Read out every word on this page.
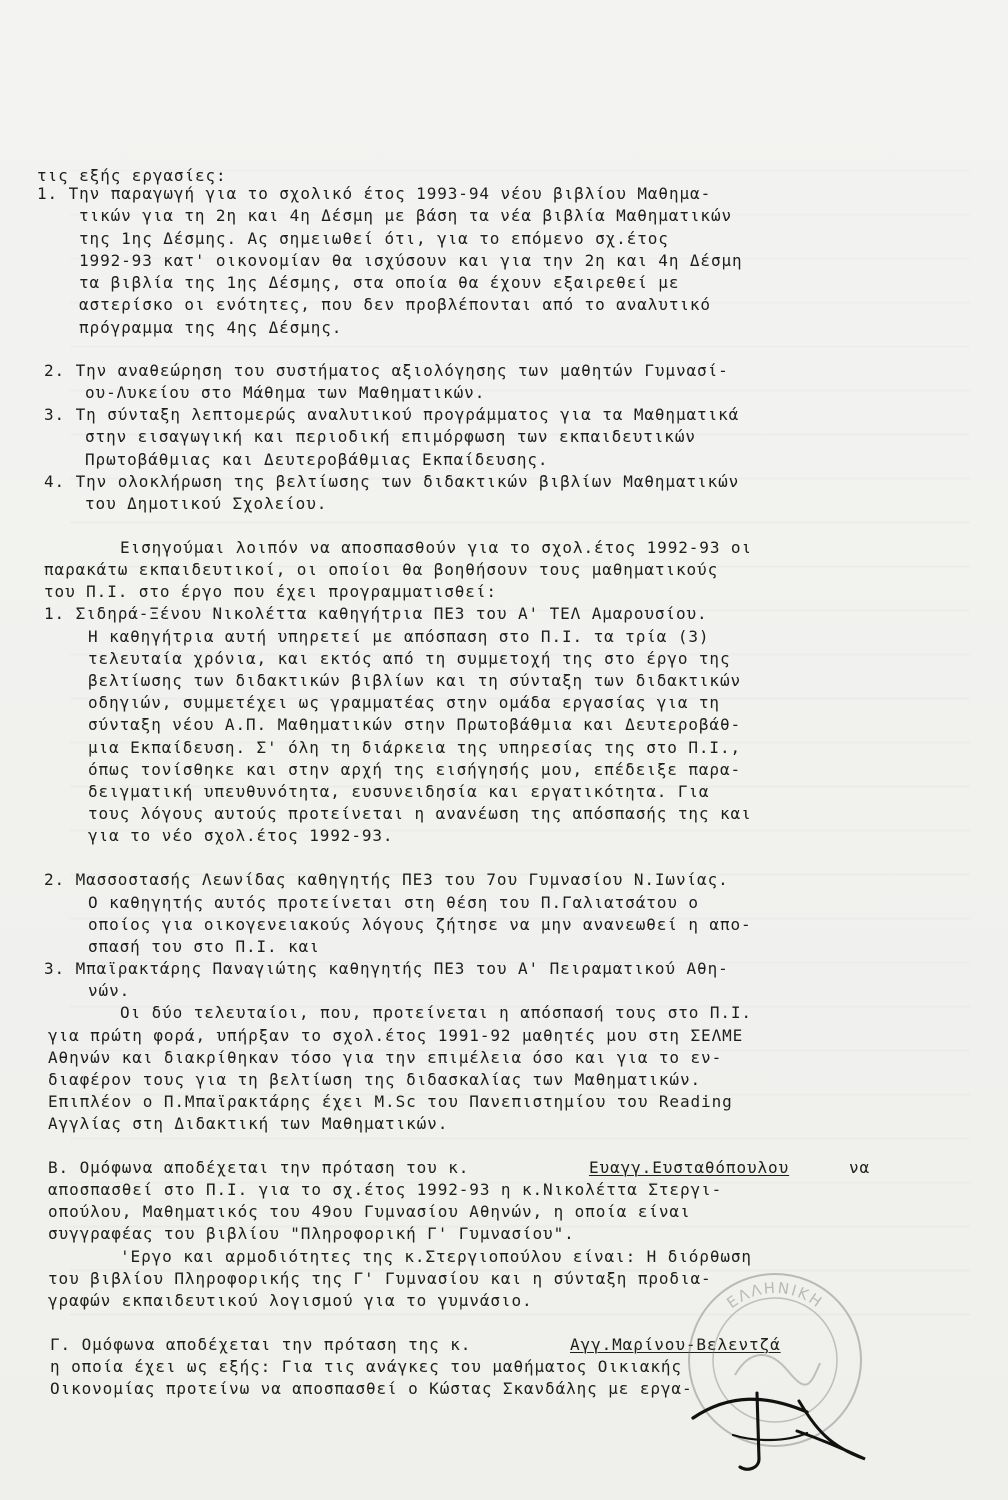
τις εξής εργασίες:
1. Την παραγωγή για το σχολικό έτος 1993-94 νέου βιβλίου Μαθημα-
τικών για τη 2η και 4η Δέσμη με βάση τα νέα βιβλία Μαθηματικών
της 1ης Δέσμης. Ας σημειωθεί ότι, για το επόμενο σχ.έτος
1992-93 κατ' οικονομίαν θα ισχύσουν και για την 2η και 4η Δέσμη
τα βιβλία της 1ης Δέσμης, στα οποία θα έχουν εξαιρεθεί με
αστερίσκο οι ενότητες, που δεν προβλέπονται από το αναλυτικό
πρόγραμμα της 4ης Δέσμης.
2. Την αναθεώρηση του συστήματος αξιολόγησης των μαθητών Γυμνασί-
ου-Λυκείου στο Μάθημα των Μαθηματικών.
3. Τη σύνταξη λεπτομερώς αναλυτικού προγράμματος για τα Μαθηματικά
στην εισαγωγική και περιοδική επιμόρφωση των εκπαιδευτικών
Πρωτοβάθμιας και Δευτεροβάθμιας Εκπαίδευσης.
4. Την ολοκλήρωση της βελτίωσης των διδακτικών βιβλίων Μαθηματικών
του Δημοτικού Σχολείου.
Εισηγούμαι λοιπόν να αποσπασθούν για το σχολ.έτος 1992-93 οι
παρακάτω εκπαιδευτικοί, οι οποίοι θα βοηθήσουν τους μαθηματικούς
του Π.Ι. στο έργο που έχει προγραμματισθεί:
1. Σιδηρά-Ξένου Νικολέττα καθηγήτρια ΠΕ3 του Α' ΤΕΛ Αμαρουσίου.
Η καθηγήτρια αυτή υπηρετεί με απόσπαση στο Π.Ι. τα τρία (3)
τελευταία χρόνια, και εκτός από τη συμμετοχή της στο έργο της
βελτίωσης των διδακτικών βιβλίων και τη σύνταξη των διδακτικών
οδηγιών, συμμετέχει ως γραμματέας στην ομάδα εργασίας για τη
σύνταξη νέου Α.Π. Μαθηματικών στην Πρωτοβάθμια και Δευτεροβάθ-
μια Εκπαίδευση. Σ' όλη τη διάρκεια της υπηρεσίας της στο Π.Ι.,
όπως τονίσθηκε και στην αρχή της εισήγησής μου, επέδειξε παρα-
δειγματική υπευθυνότητα, ευσυνειδησία και εργατικότητα. Για
τους λόγους αυτούς προτείνεται η ανανέωση της απόσπασής της και
για το νέο σχολ.έτος 1992-93.
2. Μασσοστασής Λεωνίδας καθηγητής ΠΕ3 του 7ου Γυμνασίου Ν.Ιωνίας.
Ο καθηγητής αυτός προτείνεται στη θέση του Π.Γαλιατσάτου ο
οποίος για οικογενειακούς λόγους ζήτησε να μην ανανεωθεί η απο-
σπασή του στο Π.Ι. και
3. Μπαϊρακτάρης Παναγιώτης καθηγητής ΠΕ3 του Α' Πειραματικού Αθη-
νών.
Οι δύο τελευταίοι, που, προτείνεται η απόσπασή τους στο Π.Ι.
για πρώτη φορά, υπήρξαν το σχολ.έτος 1991-92 μαθητές μου στη ΣΕΛΜΕ
Αθηνών και διακρίθηκαν τόσο για την επιμέλεια όσο και για το εν-
διαφέρον τους για τη βελτίωση της διδασκαλίας των Μαθηματικών.
Επιπλέον ο Π.Μπαϊρακτάρης έχει M.Sc του Πανεπιστημίου του Reading
Αγγλίας στη Διδακτική των Μαθηματικών.
Β. Ομόφωνα αποδέχεται την πρόταση του κ.	Ευαγγ.Ευσταθόπουλου	να
αποσπασθεί στο Π.Ι. για το σχ.έτος 1992-93 η κ.Νικολέττα Στεργι-
οπούλου, Μαθηματικός του 49ου Γυμνασίου Αθηνών, η οποία είναι
συγγραφέας του βιβλίου "Πληροφορική Γ' Γυμνασίου".
'Εργο και αρμοδιότητες της κ.Στεργιοπούλου είναι: Η διόρθωση
του βιβλίου Πληροφορικής της Γ' Γυμνασίου και η σύνταξη προδια-
γραφών εκπαιδευτικού λογισμού για το γυμνάσιο.
Γ. Ομόφωνα αποδέχεται την πρόταση της κ.	Αγγ.Μαρίνου-Βελεντζά
η οποία έχει ως εξής: Για τις ανάγκες του μαθήματος Οικιακής
Οικονομίας προτείνω να αποσπασθεί ο Κώστας Σκανδάλης με εργα-
ΕΛΛΗΝΙΚΗ
